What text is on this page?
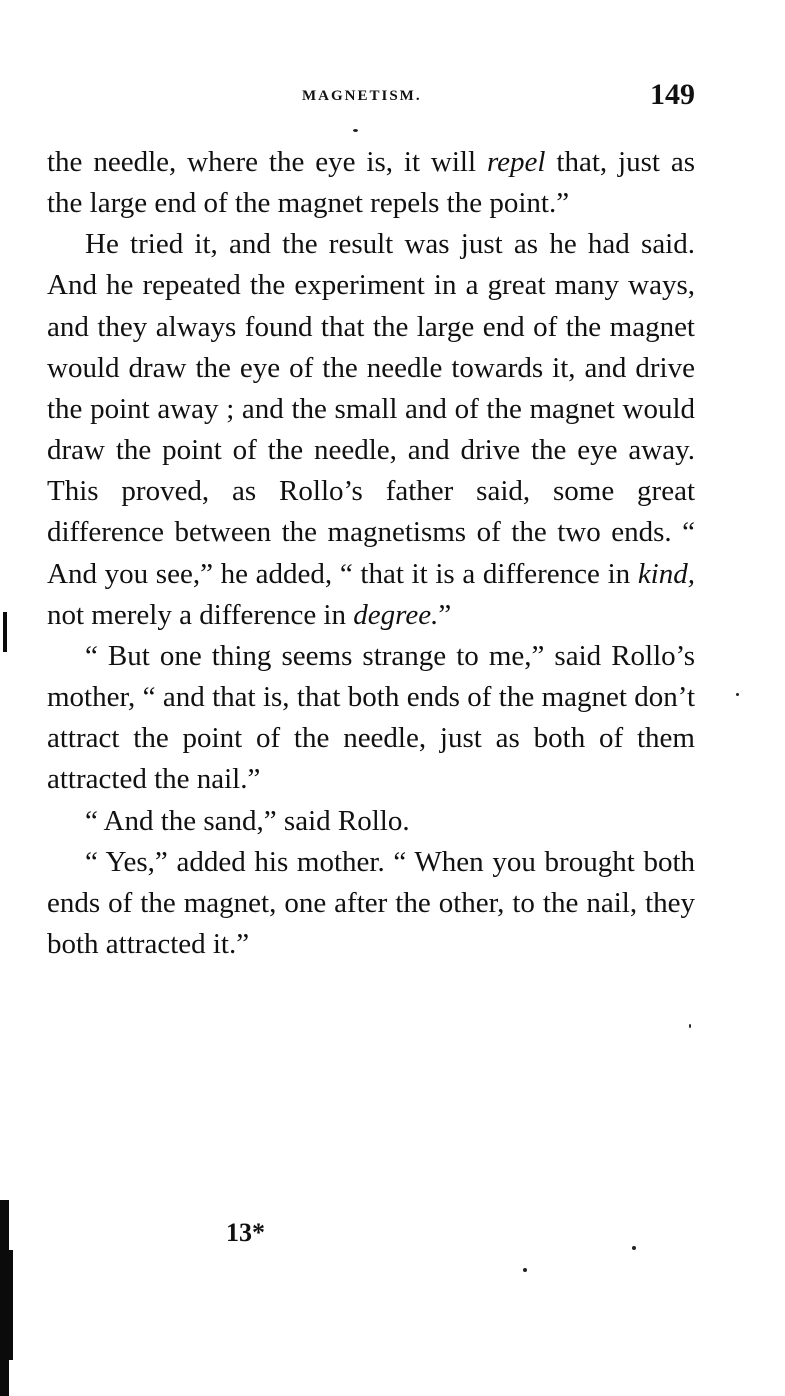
MAGNETISM.	149

the needle, where the eye is, it will repel that, just as the large end of the magnet repels the point.”

He tried it, and the result was just as he had said. And he repeated the experiment in a great many ways, and they always found that the large end of the magnet would draw the eye of the needle towards it, and drive the point away ; and the small and of the magnet would draw the point of the needle, and drive the eye away. This proved, as Rollo’s father said, some great difference between the magnetisms of the two ends. “ And you see,” he added, “ that it is a difference in kind, not merely a difference in degree.”

“ But one thing seems strange to me,” said Rollo’s mother, “ and that is, that both ends of the magnet don’t attract the point of the needle, just as both of them attracted the nail.”

“ And the sand,” said Rollo.

“ Yes,” added his mother. “ When you brought both ends of the magnet, one after the other, to the nail, they both attracted it.”

13*
